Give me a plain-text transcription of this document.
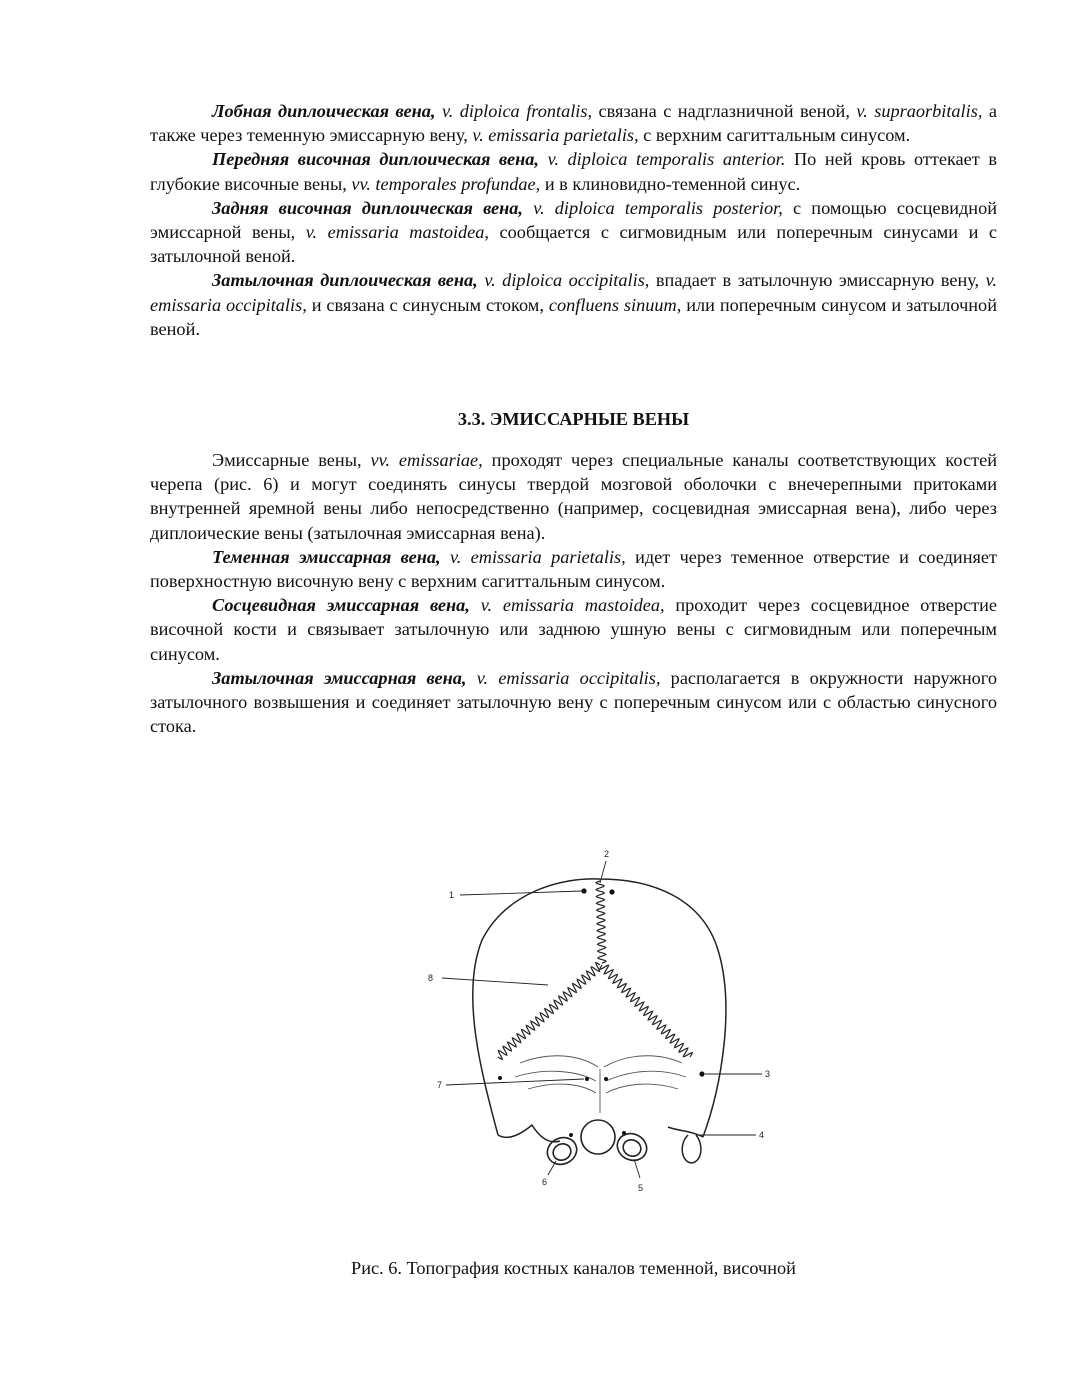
Лобная диплоическая вена, v. diploica frontalis, связана с надглазничной веной, v. supraorbitalis, а также через теменную эмиссарную вену, v. emissaria parietalis, с верхним сагиттальным синусом.

Передняя височная диплоическая вена, v. diploica temporalis anterior. По ней кровь оттекает в глубокие височные вены, vv. temporales profundae, и в клиновидно-теменной синус.

Задняя височная диплоическая вена, v. diploica temporalis posterior, с помощью сосцевидной эмиссарной вены, v. emissaria mastoidea, сообщается с сигмовидным или поперечным синусами и с затылочной веной.

Затылочная диплоическая вена, v. diploica occipitalis, впадает в затылочную эмиссарную вену, v. emissaria occipitalis, и связана с синусным стоком, confluens sinuum, или поперечным синусом и затылочной веной.

3.3. ЭМИССАРНЫЕ ВЕНЫ

Эмиссарные вены, vv. emissariae, проходят через специальные каналы соответствующих костей черепа (рис. 6) и могут соединять синусы твердой мозговой оболочки с внечерепными притоками внутренней яремной вены либо непосредственно (например, сосцевидная эмиссарная вена), либо через диплоические вены (затылочная эмиссарная вена).

Теменная эмиссарная вена, v. emissaria parietalis, идет через теменное отверстие и соединяет поверхностную височную вену с верхним сагиттальным синусом.

Сосцевидная эмиссарная вена, v. emissaria mastoidea, проходит через сосцевидное отверстие височной кости и связывает затылочную или заднюю ушную вены с сигмовидным или поперечным синусом.

Затылочная эмиссарная вена, v. emissaria occipitalis, располагается в окружности наружного затылочного возвышения и соединяет затылочную вену с поперечным синусом или с областью синусного стока.

1
2
3
4
5
6
7
8
Рис. 6. Топография костных каналов теменной, височной
